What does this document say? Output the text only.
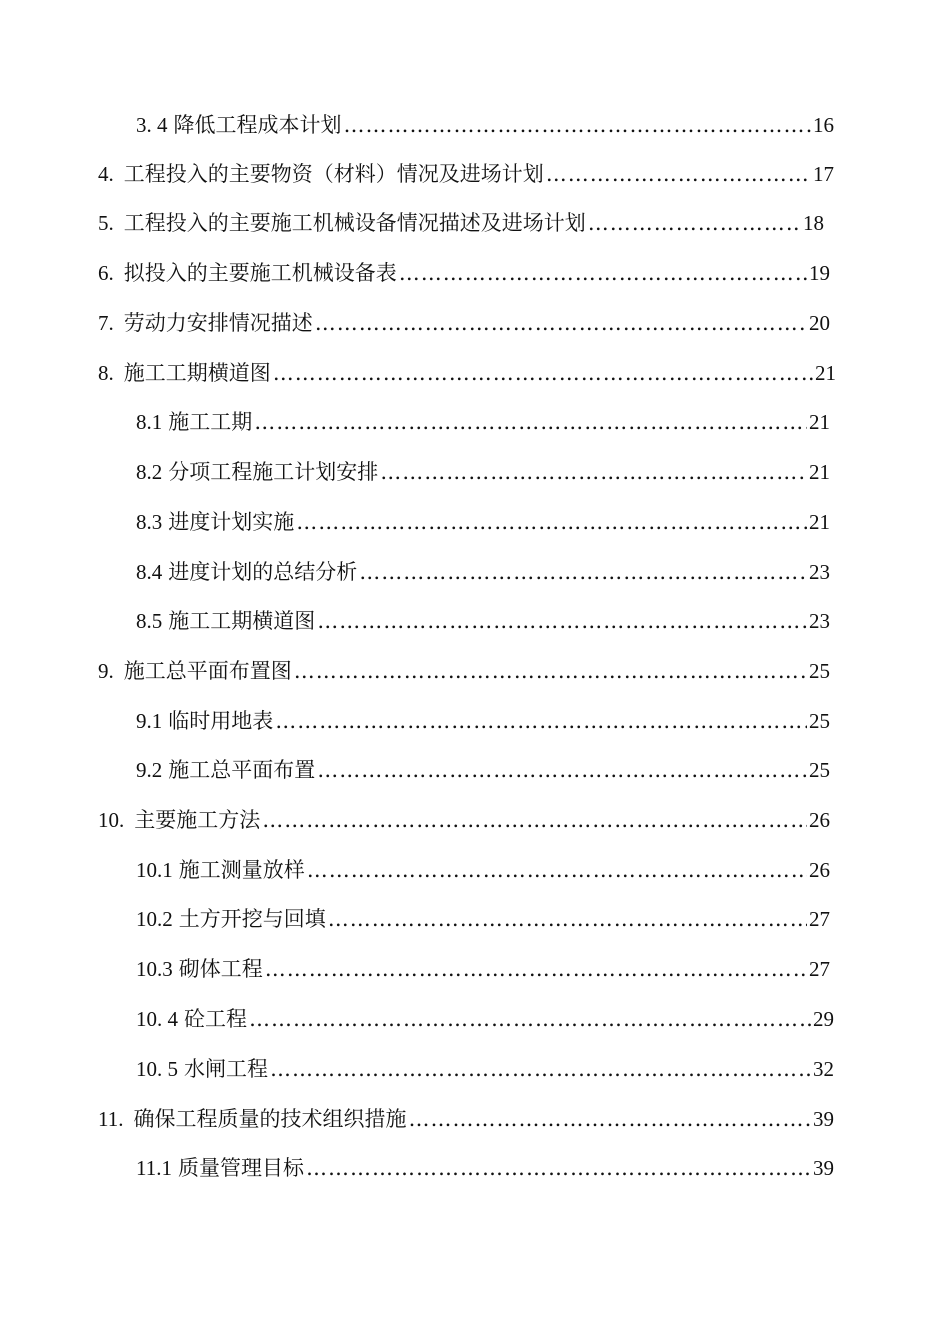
3. 4 降低工程成本计划 ……………………………………………………………………………………………………………………………………………………………	16
4. 工程投入的主要物资（材料）情况及进场计划 ……………………………………………………………………………………………………………………………………………………………	17
5. 工程投入的主要施工机械设备情况描述及进场计划 ……………………………………………………………………………………………………………………………………………………………	18
6. 拟投入的主要施工机械设备表 ……………………………………………………………………………………………………………………………………………………………	19
7. 劳动力安排情况描述 ……………………………………………………………………………………………………………………………………………………………	20
8. 施工工期横道图 ……………………………………………………………………………………………………………………………………………………………	21
8.1 施工工期 ……………………………………………………………………………………………………………………………………………………………	21
8.2 分项工程施工计划安排 ……………………………………………………………………………………………………………………………………………………………	21
8.3 进度计划实施 ……………………………………………………………………………………………………………………………………………………………	21
8.4 进度计划的总结分析 ……………………………………………………………………………………………………………………………………………………………	23
8.5 施工工期横道图 ……………………………………………………………………………………………………………………………………………………………	23
9. 施工总平面布置图 ……………………………………………………………………………………………………………………………………………………………	25
9.1 临时用地表 ……………………………………………………………………………………………………………………………………………………………	25
9.2 施工总平面布置 ……………………………………………………………………………………………………………………………………………………………	25
10. 主要施工方法 ……………………………………………………………………………………………………………………………………………………………	26
10.1 施工测量放样 ……………………………………………………………………………………………………………………………………………………………	26
10.2 土方开挖与回填 ……………………………………………………………………………………………………………………………………………………………	27
10.3 砌体工程 ……………………………………………………………………………………………………………………………………………………………	27
10. 4 砼工程 ……………………………………………………………………………………………………………………………………………………………	29
10. 5 水闸工程 ……………………………………………………………………………………………………………………………………………………………	32
11. 确保工程质量的技术组织措施 ……………………………………………………………………………………………………………………………………………………………	39
11.1 质量管理目标 ……………………………………………………………………………………………………………………………………………………………	39
